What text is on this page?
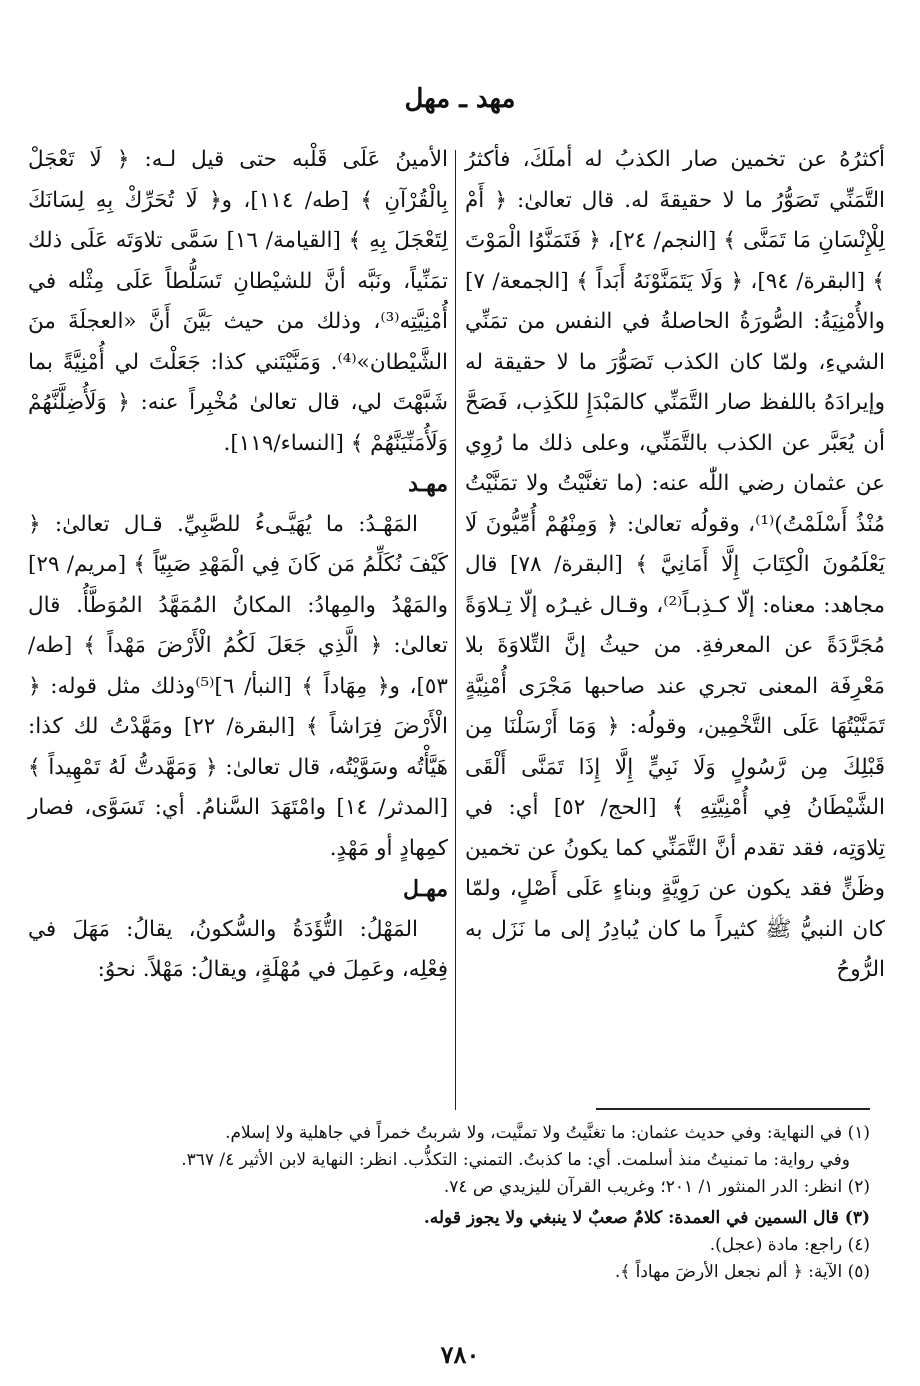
مهد ـ مهل

أكثرُهُ عن تخمين صار الكذبُ له أملَكَ، فأكثرُ التَّمَنِّي تَصَوُّرُ ما لا حقيقةَ له. قال تعالىٰ: ﴿ أَمْ لِلْإِنْسَانِ مَا تَمَنَّى ﴾ [النجم/ ٢٤]، ﴿ فَتَمَنَّوُا الْمَوْتَ ﴾ [البقرة/ ٩٤]، ﴿ وَلَا يَتَمَنَّوْنَهُ أَبَداً ﴾ [الجمعة/ ٧] والأُمْنِيَةُ: الصُّورَةُ الحاصلةُ في النفس من تمَنِّي الشيءِ، ولمّا كان الكذب تَصَوُّرَ ما لا حقيقة له وإيرادَهُ باللفظ صار التَّمَنِّي كالمَبْدَإِ للكَذِب، فَصَحَّ أن يُعَبَّر عن الكذب بالتَّمَنِّي، وعلى ذلك ما رُوِي عن عثمان رضي اللّٰه عنه: (ما تغنَّيْتُ ولا تمَنَّيْتُ مُنْذُ أَسْلَمْتُ)⁽¹⁾، وقولُه تعالىٰ: ﴿ وَمِنْهُمْ أُمِّيُّونَ لَا يَعْلَمُونَ الْكِتَابَ إِلَّا أَمَانِيَّ ﴾ [البقرة/ ٧٨] قال مجاهد: معناه: إلّا كـذِبـاً⁽²⁾، وقـال غيـرُه إلّا تِـلاوَةً مُجَرَّدَةً عن المعرفةِ. من حيثُ إنَّ التِّلاوَةَ بلا مَعْرِفَة المعنى تجري عند صاحبها مَجْرَى أُمْنِيَّةٍ تَمَنَّيْتُهَا عَلَى التَّخْمِين، وقولُه: ﴿ وَمَا أَرْسَلْنَا مِن قَبْلِكَ مِن رَّسُولٍ وَلَا نَبِيٍّ إِلَّا إِذَا تَمَنَّى أَلْقَى الشَّيْطَانُ فِي أُمْنِيَّتِهِ ﴾ [الحج/ ٥٢] أي: في تِلاوَتِه، فقد تقدم أنَّ التَّمَنِّي كما يكونُ عن تخمين وظَنٍّ فقد يكون عن رَوِيَّةٍ وبناءٍ عَلَى أَصْلٍ، ولمّا كان النبيُّ ﷺ كثيراً ما كان يُبادِرُ إلى ما نَزَل به الرُّوحُ

الأمينُ عَلَى قَلْبه حتى قيل لـه: ﴿ لَا تَعْجَلْ بِالْقُرْآنِ ﴾ [طه/ ١١٤]، و﴿ لَا تُحَرِّكْ بِهِ لِسَانَكَ لِتَعْجَلَ بِهِ ﴾ [القيامة/ ١٦] سَمَّى تلاوَتَه عَلَى ذلك تمَنِّياً، ونَبَّه أنَّ للشيْطانِ تَسَلُّطاً عَلَى مِثْله في أُمْنِيَّتِه⁽³⁾، وذلك من حيث بَيَّنَ أَنَّ «العجلَةَ منَ الشَّيْطان»⁽⁴⁾. وَمَنَّيْتَني كذا: جَعَلْتَ لي أُمْنِيَّةً بما شَبَّهْتَ لي، قال تعالىٰ مُخْبِراً عنه: ﴿ وَلَأُضِلَّنَّهُمْ وَلَأُمَنِّيَنَّهُمْ ﴾ [النساء/١١٩].

مهـد

المَهْـدُ: ما يُهَيَّـىءُ للصَّبِيِّ. قـال تعالىٰ: ﴿ كَيْفَ نُكَلِّمُ مَن كَانَ فِي الْمَهْدِ صَبِيّاً ﴾ [مريم/ ٢٩] والمَهْدُ والمِهادُ: المكانُ المُمَهَّدُ المُوَطَّأُ. قال تعالىٰ: ﴿ الَّذِي جَعَلَ لَكُمُ الْأَرْضَ مَهْداً ﴾ [طه/ ٥٣]، و﴿ مِهَاداً ﴾ [النبأ/ ٦]⁽⁵⁾وذلك مثل قوله: ﴿ الْأَرْضَ فِرَاشاً ﴾ [البقرة/ ٢٢] ومَهَّدْتُ لك كذا: هَيَّأْتُه وسَوَّيْتُه، قال تعالىٰ: ﴿ وَمَهَّدتُّ لَهُ تَمْهِيداً ﴾ [المدثر/ ١٤] وامْتَهَدَ السَّنامُ. أي: تَسَوَّى، فصار كمِهادٍ أو مَهْدٍ.

مهـل

المَهْلُ: التُّؤَدَةُ والسُّكونُ، يقالُ: مَهَلَ في فِعْلِه، وعَمِلَ في مُهْلَةٍ، ويقالُ: مَهْلاً. نحوُ:

(١) في النهاية: وفي حديث عثمان: ما تغنَّيتُ ولا تمنَّيت، ولا شربتُ خمراً في جاهلية ولا إسلام.

وفي رواية: ما تمنيتُ منذ أسلمت. أي: ما كذبتُ. التمني: التكذُّب. انظر: النهاية لابن الأثير ٤/ ٣٦٧.

(٢) انظر: الدر المنثور ١/ ٢٠١؛ وغريب القرآن لليزيدي ص ٧٤.

(٣) قال السمين في العمدة: كلامٌ صعبٌ لا ينبغي ولا يجوز قوله.

(٤) راجع: مادة (عجل).

(٥) الآية: ﴿ ألم نجعل الأرضَ مهاداً ﴾.

٧٨٠
